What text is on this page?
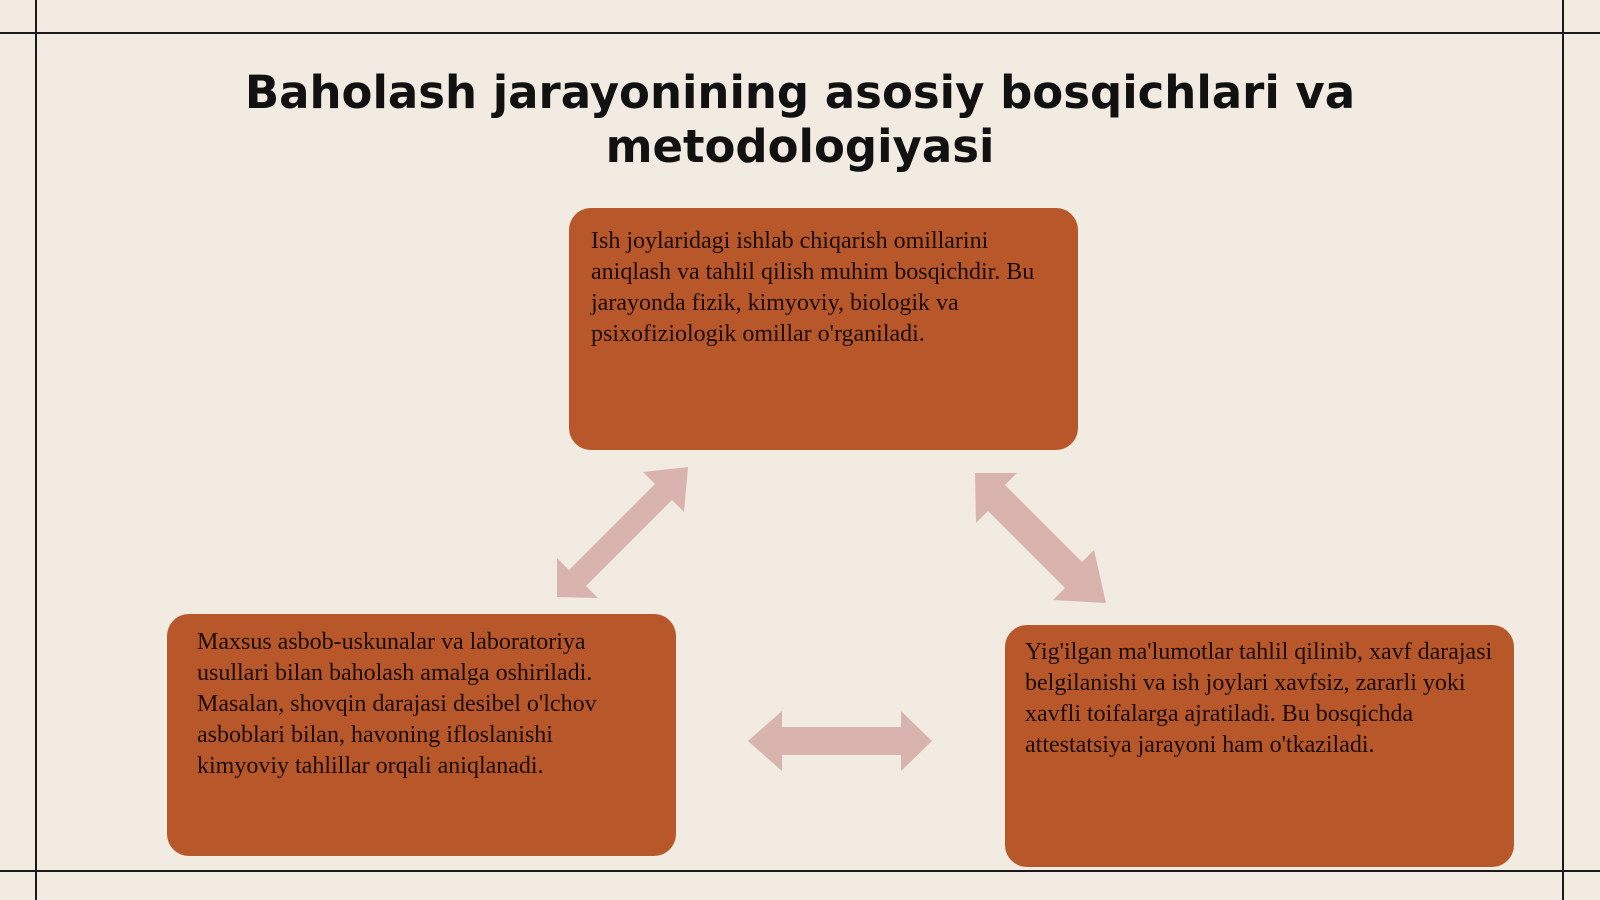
Baholash jarayonining asosiy bosqichlari va metodologiyasi
Ish joylaridagi ishlab chiqarish omillarini aniqlash va tahlil qilish muhim bosqichdir. Bu jarayonda fizik, kimyoviy, biologik va psixofiziologik omillar o'rganiladi.
Maxsus asbob-uskunalar va laboratoriya usullari bilan baholash amalga oshiriladi. Masalan, shovqin darajasi desibel o'lchov asboblari bilan, havoning ifloslanishi kimyoviy tahlillar orqali aniqlanadi.
Yig'ilgan ma'lumotlar tahlil qilinib, xavf darajasi belgilanishi va ish joylari xavfsiz, zararli yoki xavfli toifalarga ajratiladi. Bu bosqichda attestatsiya jarayoni ham o'tkaziladi.
